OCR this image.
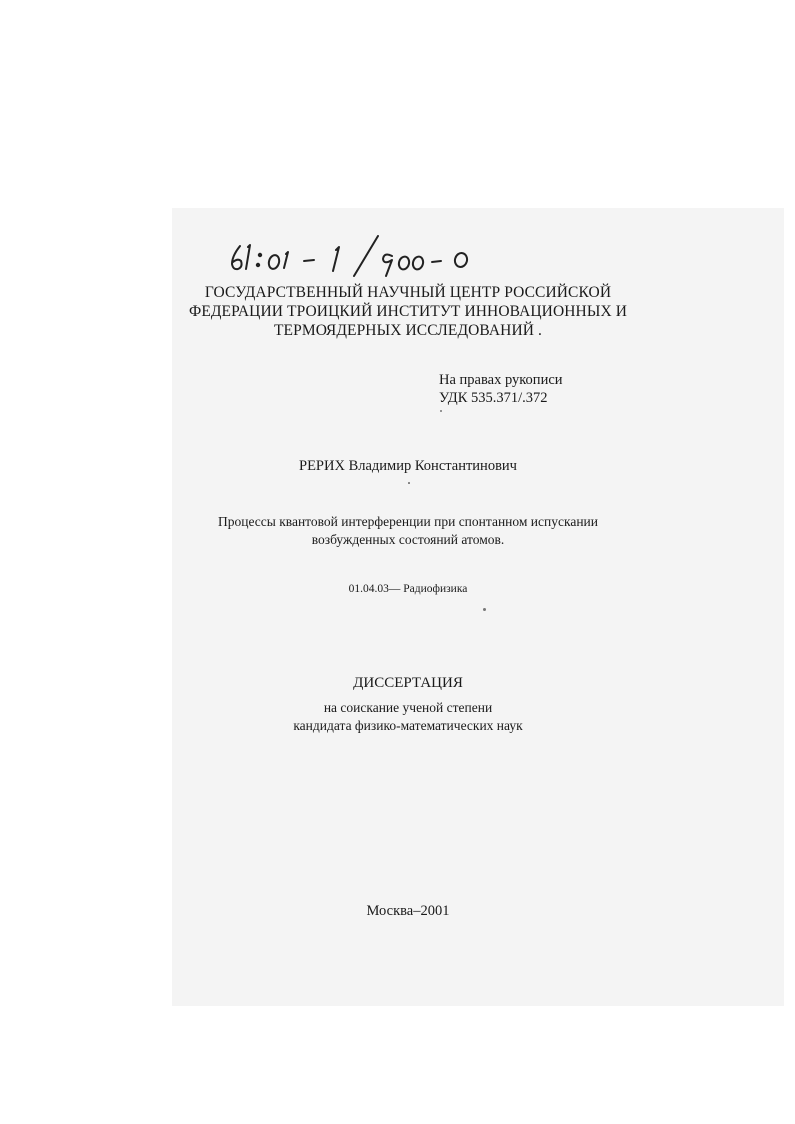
ГОСУДАРСТВЕННЫЙ НАУЧНЫЙ ЦЕНТР РОССИЙСКОЙ
ФЕДЕРАЦИИ ТРОИЦКИЙ ИНСТИТУТ ИННОВАЦИОННЫХ И
ТЕРМОЯДЕРНЫХ ИССЛЕДОВАНИЙ .
На правах рукописи
УДК 535.371/.372
РЕРИХ Владимир Константинович
Процессы квантовой интерференции при спонтанном испускании
возбужденных состояний атомов.
01.04.03— Радиофизика
ДИССЕРТАЦИЯ
на соискание ученой степени
кандидата физико-математических наук
Москва–2001
